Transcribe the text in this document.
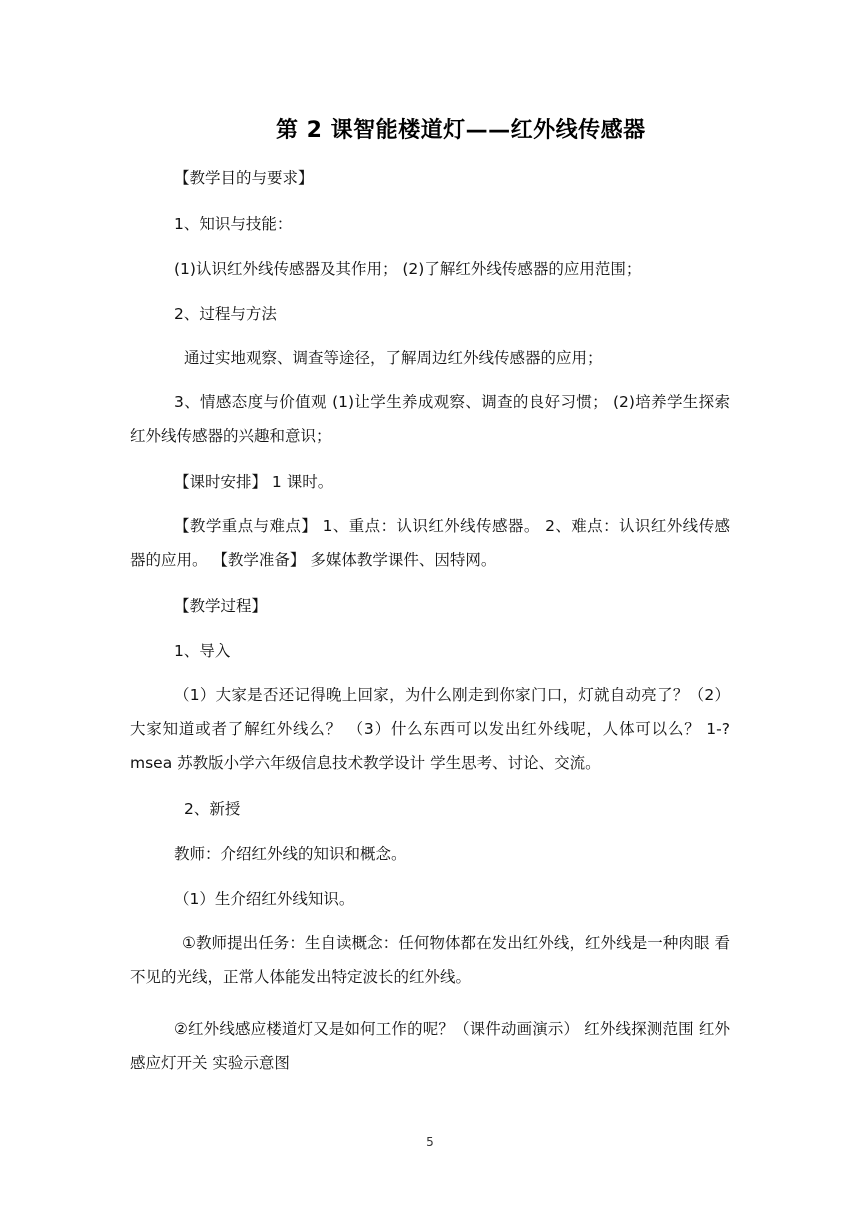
第 2 课智能楼道灯——红外线传感器
【教学目的与要求】
1、知识与技能：
(1)认识红外线传感器及其作用； (2)了解红外线传感器的应用范围；
2、过程与方法
通过实地观察、调查等途径，了解周边红外线传感器的应用；
3、情感态度与价值观 (1)让学生养成观察、调查的良好习惯； (2)培养学生探索红外线传感器的兴趣和意识；
【课时安排】 1 课时。
【教学重点与难点】 1、重点：认识红外线传感器。 2、难点：认识红外线传感器的应用。 【教学准备】 多媒体教学课件、因特网。
【教学过程】
1、导入
（1）大家是否还记得晚上回家，为什么刚走到你家门口，灯就自动亮了？（2）大家知道或者了解红外线么？ （3）什么东西可以发出红外线呢，人体可以么？ 1-?msea 苏教版小学六年级信息技术教学设计 学生思考、讨论、交流。
2、新授
教师：介绍红外线的知识和概念。
（1）生介绍红外线知识。
①教师提出任务：生自读概念：任何物体都在发出红外线，红外线是一种肉眼 看不见的光线，正常人体能发出特定波长的红外线。
②红外线感应楼道灯又是如何工作的呢？（课件动画演示） 红外线探测范围 红外感应灯开关 实验示意图
5
